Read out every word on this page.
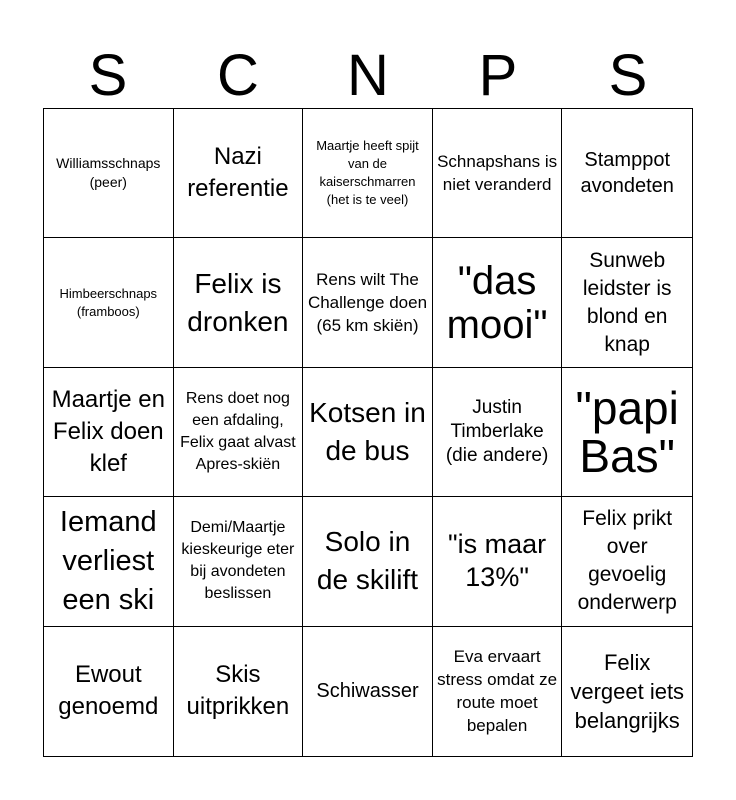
S	C	N	P	S
Williamsschnaps (peer)
Nazi referentie
Maartje heeft spijt van de kaiserschmarren (het is te veel)
Schnapshans is niet veranderd
Stamppot avondeten
Himbeerschnaps (framboos)
Felix is dronken
Rens wilt The Challenge doen (65 km skiën)
"das mooi"
Sunweb leidster is blond en knap
Maartje en Felix doen klef
Rens doet nog een afdaling, Felix gaat alvast Apres-skiën
Kotsen in de bus
Justin Timberlake (die andere)
"papi Bas"
Iemand verliest een ski
Demi/Maartje kieskeurige eter bij avondeten beslissen
Solo in de skilift
"is maar 13%"
Felix prikt over gevoelig onderwerp
Ewout genoemd
Skis uitprikken
Schiwasser
Eva ervaart stress omdat ze route moet bepalen
Felix vergeet iets belangrijks
